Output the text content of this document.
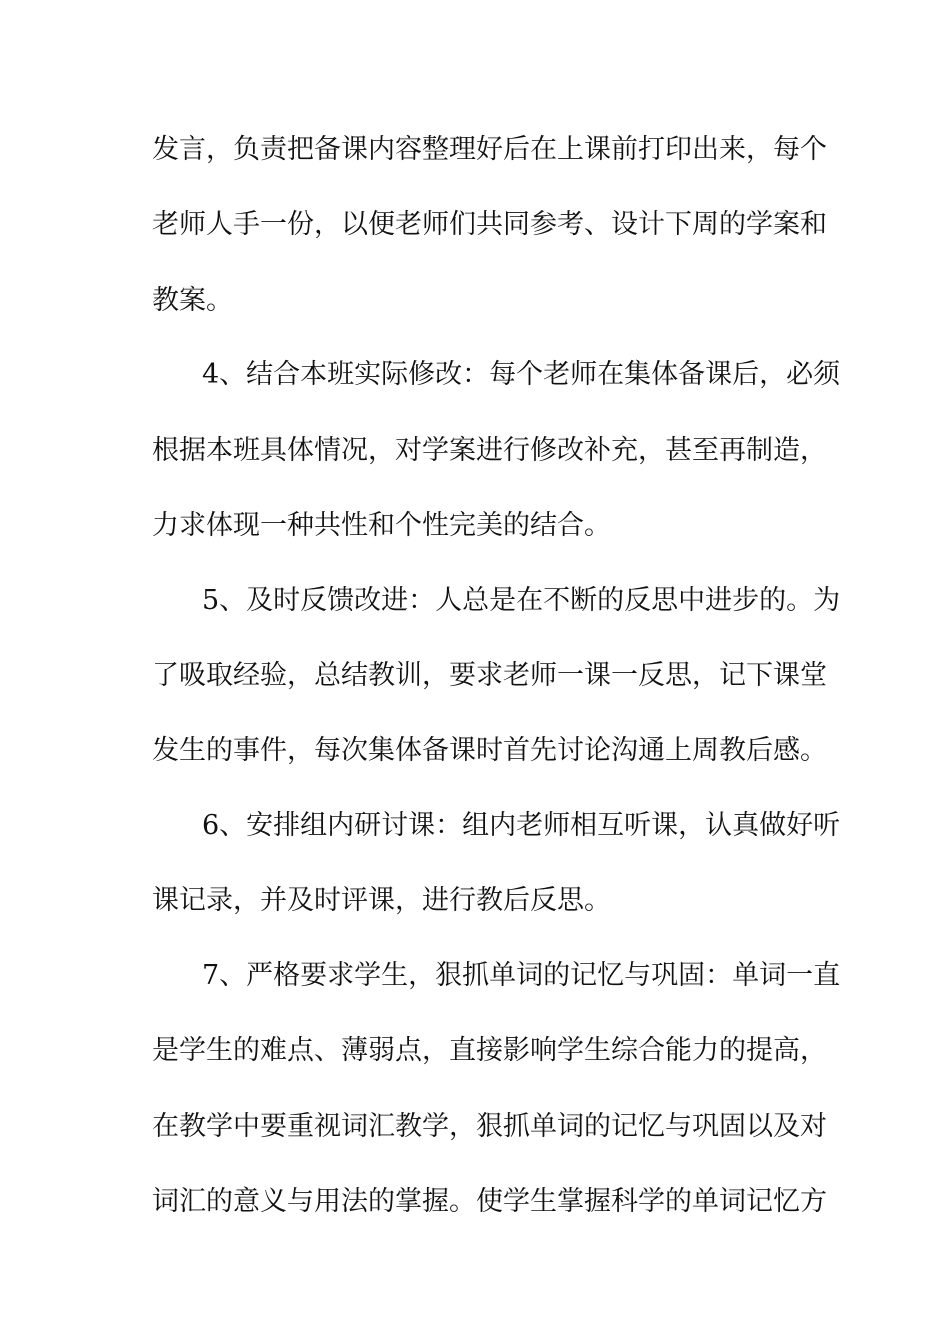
发言，负责把备课内容整理好后在上课前打印出来，每个
老师人手一份，以便老师们共同参考、设计下周的学案和
教案。
4、结合本班实际修改：每个老师在集体备课后，必须
根据本班具体情况，对学案进行修改补充，甚至再制造，
力求体现一种共性和个性完美的结合。
5、及时反馈改进：人总是在不断的反思中进步的。为
了吸取经验，总结教训，要求老师一课一反思，记下课堂
发生的事件，每次集体备课时首先讨论沟通上周教后感。
6、安排组内研讨课：组内老师相互听课，认真做好听
课记录，并及时评课，进行教后反思。
7、严格要求学生，狠抓单词的记忆与巩固：单词一直
是学生的难点、薄弱点，直接影响学生综合能力的提高，
在教学中要重视词汇教学，狠抓单词的记忆与巩固以及对
词汇的意义与用法的掌握。使学生掌握科学的单词记忆方
